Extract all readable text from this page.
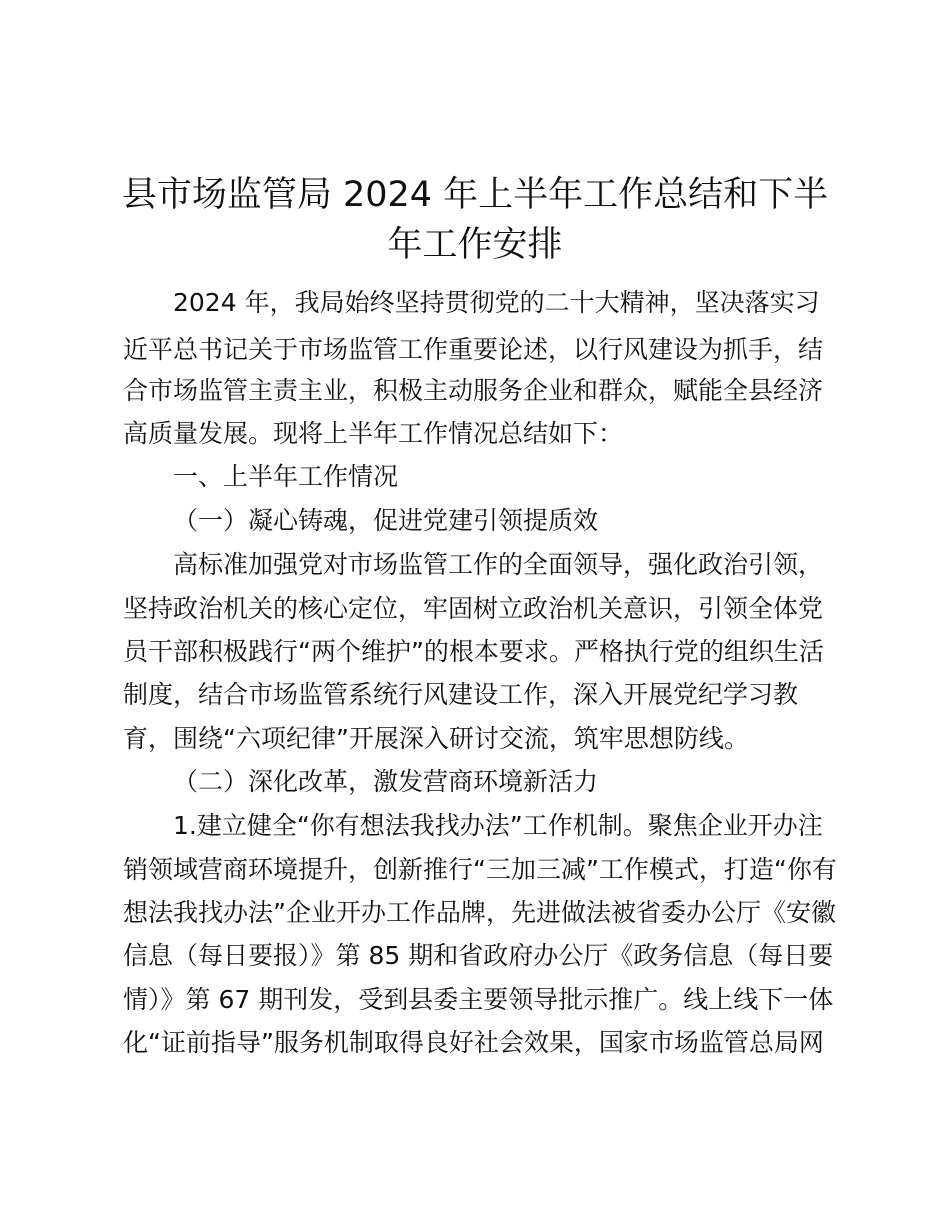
县市场监管局 2024 年上半年工作总结和下半
年工作安排
2024 年，我局始终坚持贯彻党的二十大精神，坚决落实习
近平总书记关于市场监管工作重要论述，以行风建设为抓手，结
合市场监管主责主业，积极主动服务企业和群众，赋能全县经济
高质量发展。现将上半年工作情况总结如下：
一、上半年工作情况
（一）凝心铸魂，促进党建引领提质效
高标准加强党对市场监管工作的全面领导，强化政治引领，
坚持政治机关的核心定位，牢固树立政治机关意识，引领全体党
员干部积极践行“两个维护”的根本要求。严格执行党的组织生活
制度，结合市场监管系统行风建设工作，深入开展党纪学习教
育，围绕“六项纪律”开展深入研讨交流，筑牢思想防线。
（二）深化改革，激发营商环境新活力
1.建立健全“你有想法我找办法”工作机制。聚焦企业开办注
销领域营商环境提升，创新推行“三加三减”工作模式，打造“你有
想法我找办法”企业开办工作品牌，先进做法被省委办公厅《安徽
信息（每日要报）》第 85 期和省政府办公厅《政务信息（每日要
情）》第 67 期刊发，受到县委主要领导批示推广。线上线下一体
化“证前指导”服务机制取得良好社会效果，国家市场监管总局网
